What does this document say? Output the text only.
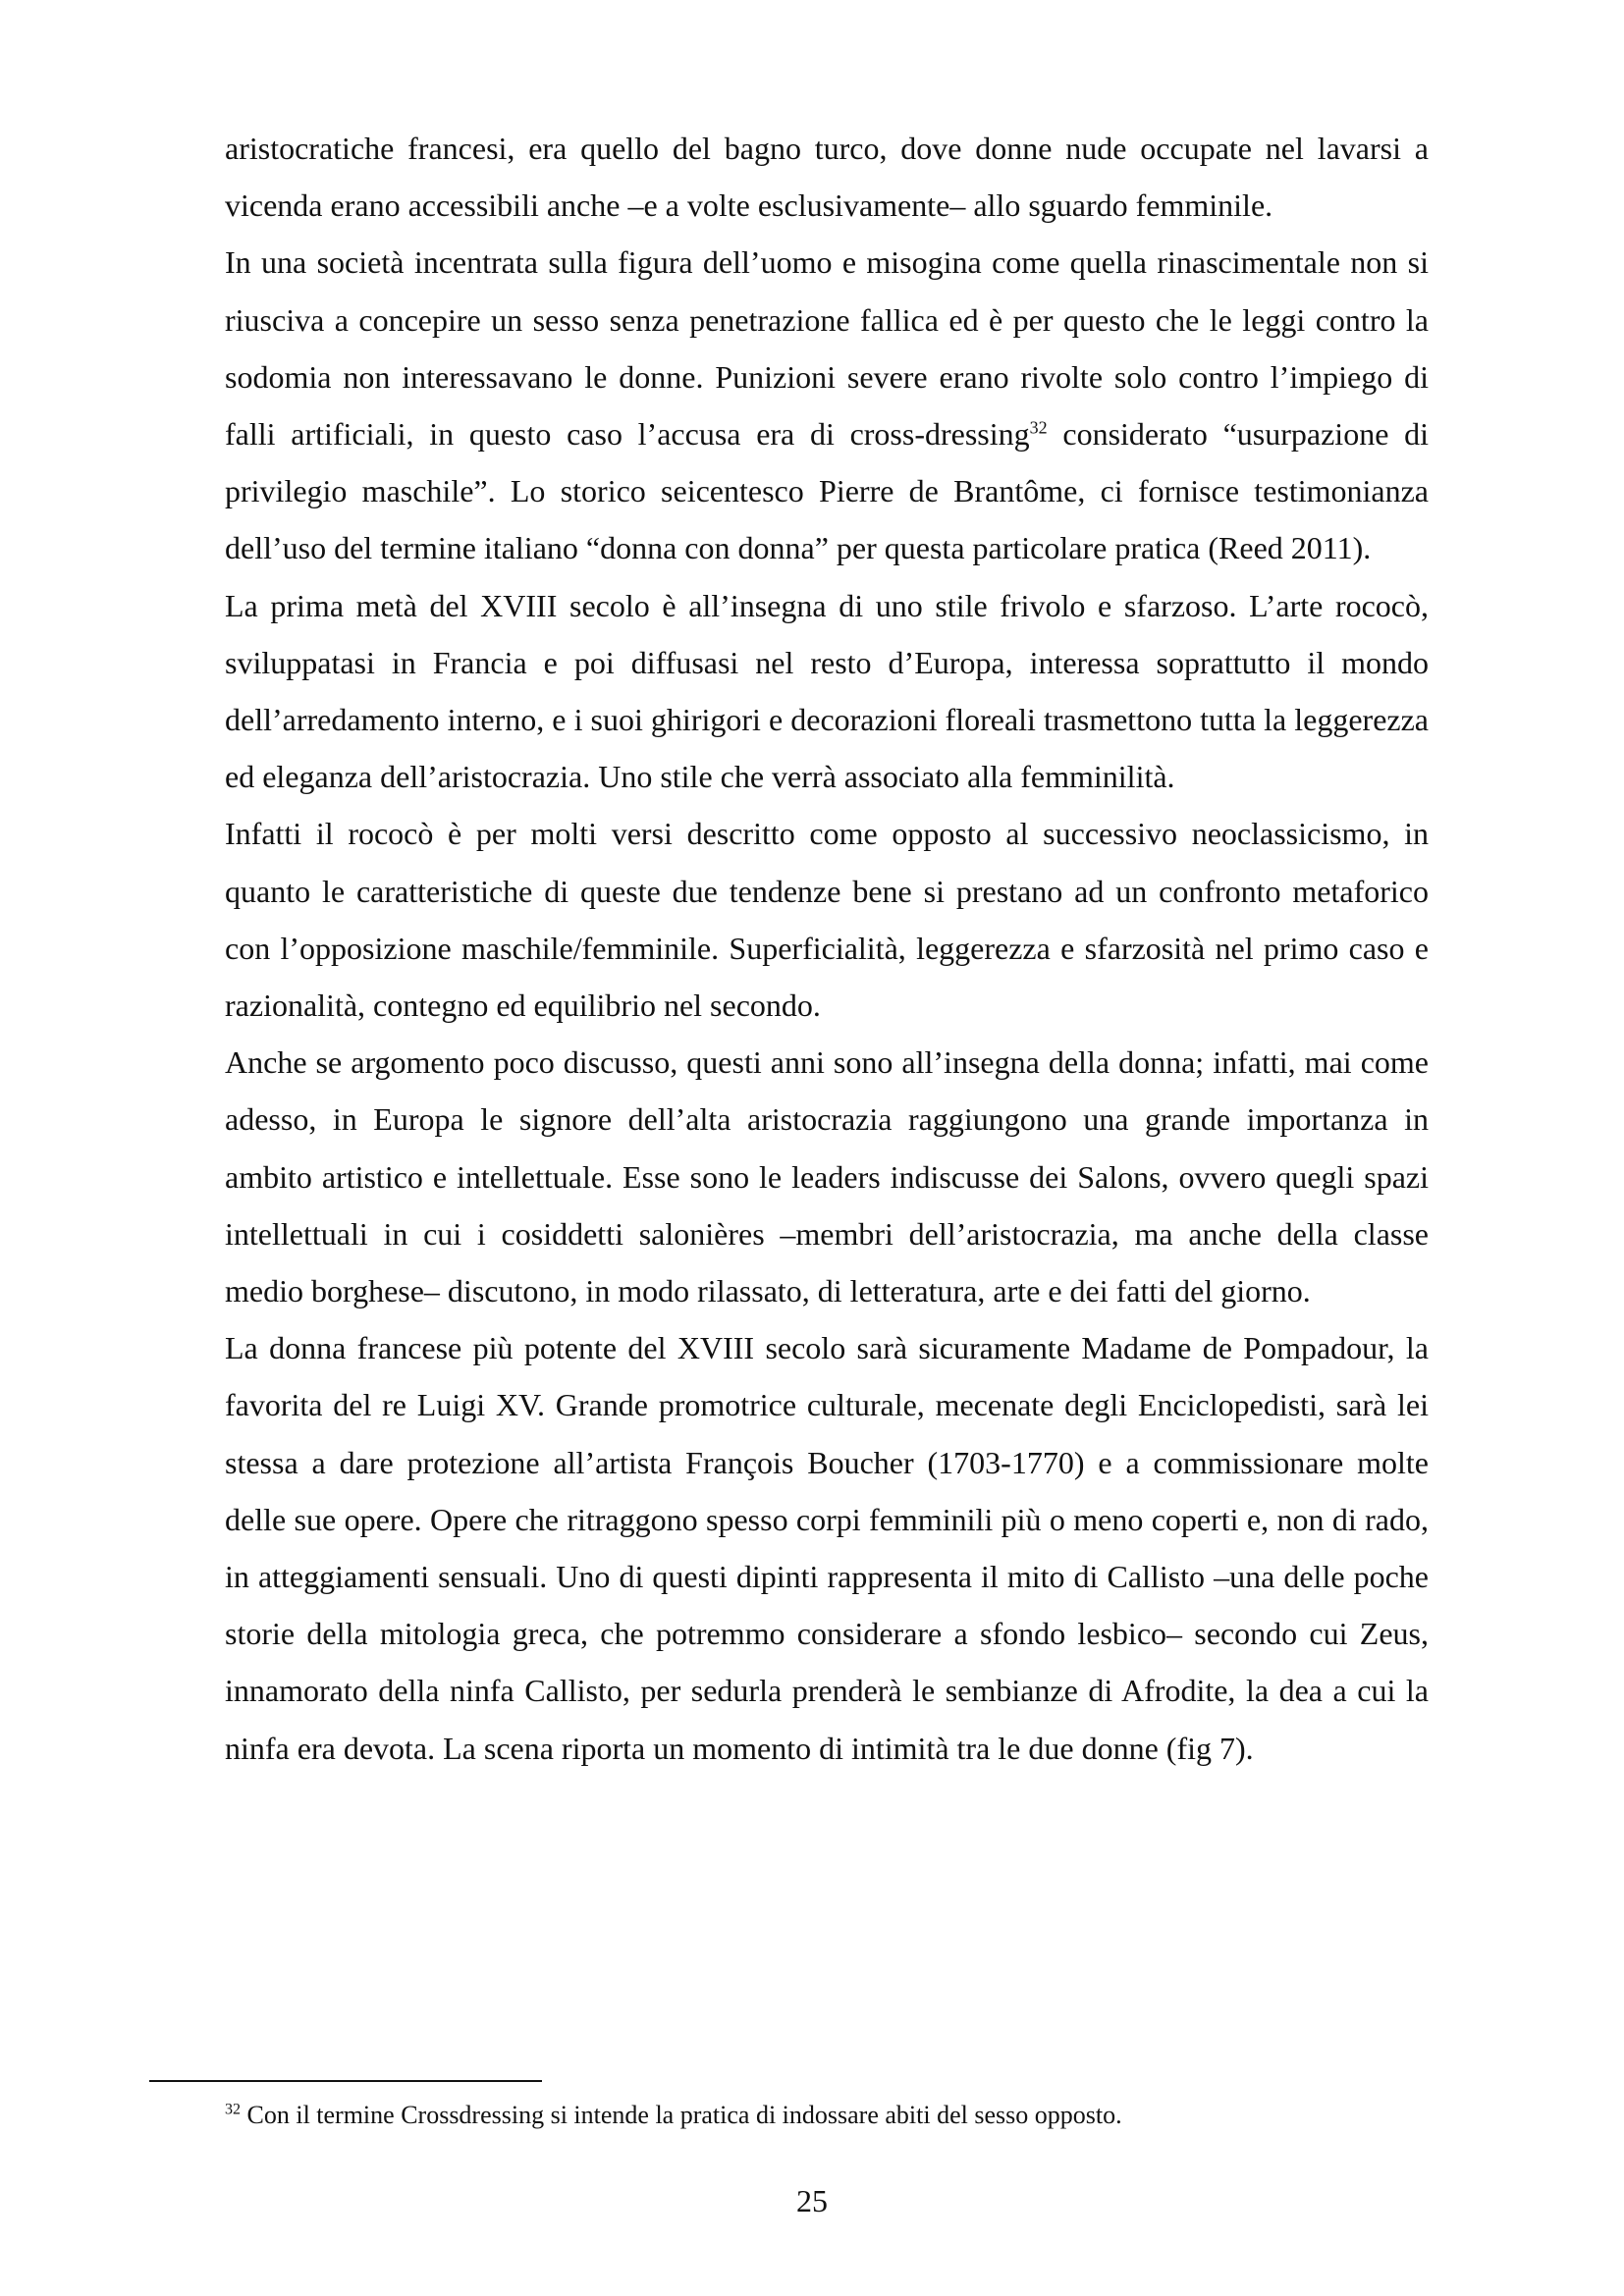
aristocratiche francesi, era quello del bagno turco, dove donne nude occupate nel lavarsi a vicenda erano accessibili anche –e a volte esclusivamente– allo sguardo femminile.

In una società incentrata sulla figura dell’uomo e misogina come quella rinascimentale non si riusciva a concepire un sesso senza penetrazione fallica ed è per questo che le leggi contro la sodomia non interessavano le donne. Punizioni severe erano rivolte solo contro l’impiego di falli artificiali, in questo caso l’accusa era di cross-dressing$^{32}$ considerato “usurpazione di privilegio maschile”. Lo storico seicentesco Pierre de Brantôme, ci fornisce testimonianza dell’uso del termine italiano “donna con donna” per questa particolare pratica (Reed 2011).

La prima metà del XVIII secolo è all’insegna di uno stile frivolo e sfarzoso. L’arte rococò, sviluppatasi in Francia e poi diffusasi nel resto d’Europa, interessa soprattutto il mondo dell’arredamento interno, e i suoi ghirigori e decorazioni floreali trasmettono tutta la leggerezza ed eleganza dell’aristocrazia. Uno stile che verrà associato alla femminilità.

Infatti il rococò è per molti versi descritto come opposto al successivo neoclassicismo, in quanto le caratteristiche di queste due tendenze bene si prestano ad un confronto metaforico con l’opposizione maschile/femminile. Superficialità, leggerezza e sfarzosità nel primo caso e razionalità, contegno ed equilibrio nel secondo.

Anche se argomento poco discusso, questi anni sono all’insegna della donna; infatti, mai come adesso, in Europa le signore dell’alta aristocrazia raggiungono una grande importanza in ambito artistico e intellettuale. Esse sono le leaders indiscusse dei Salons, ovvero quegli spazi intellettuali in cui i cosiddetti salonières –membri dell’aristocrazia, ma anche della classe medio borghese– discutono, in modo rilassato, di letteratura, arte e dei fatti del giorno.

La donna francese più potente del XVIII secolo sarà sicuramente Madame de Pompadour, la favorita del re Luigi XV. Grande promotrice culturale, mecenate degli Enciclopedisti, sarà lei stessa a dare protezione all’artista François Boucher (1703-1770) e a commissionare molte delle sue opere. Opere che ritraggono spesso corpi femminili più o meno coperti e, non di rado, in atteggiamenti sensuali. Uno di questi dipinti rappresenta il mito di Callisto –una delle poche storie della mitologia greca, che potremmo considerare a sfondo lesbico– secondo cui Zeus, innamorato della ninfa Callisto, per sedurla prenderà le sembianze di Afrodite, la dea a cui la ninfa era devota. La scena riporta un momento di intimità tra le due donne (fig 7).

$^{32}$ Con il termine Crossdressing si intende la pratica di indossare abiti del sesso opposto.
25
